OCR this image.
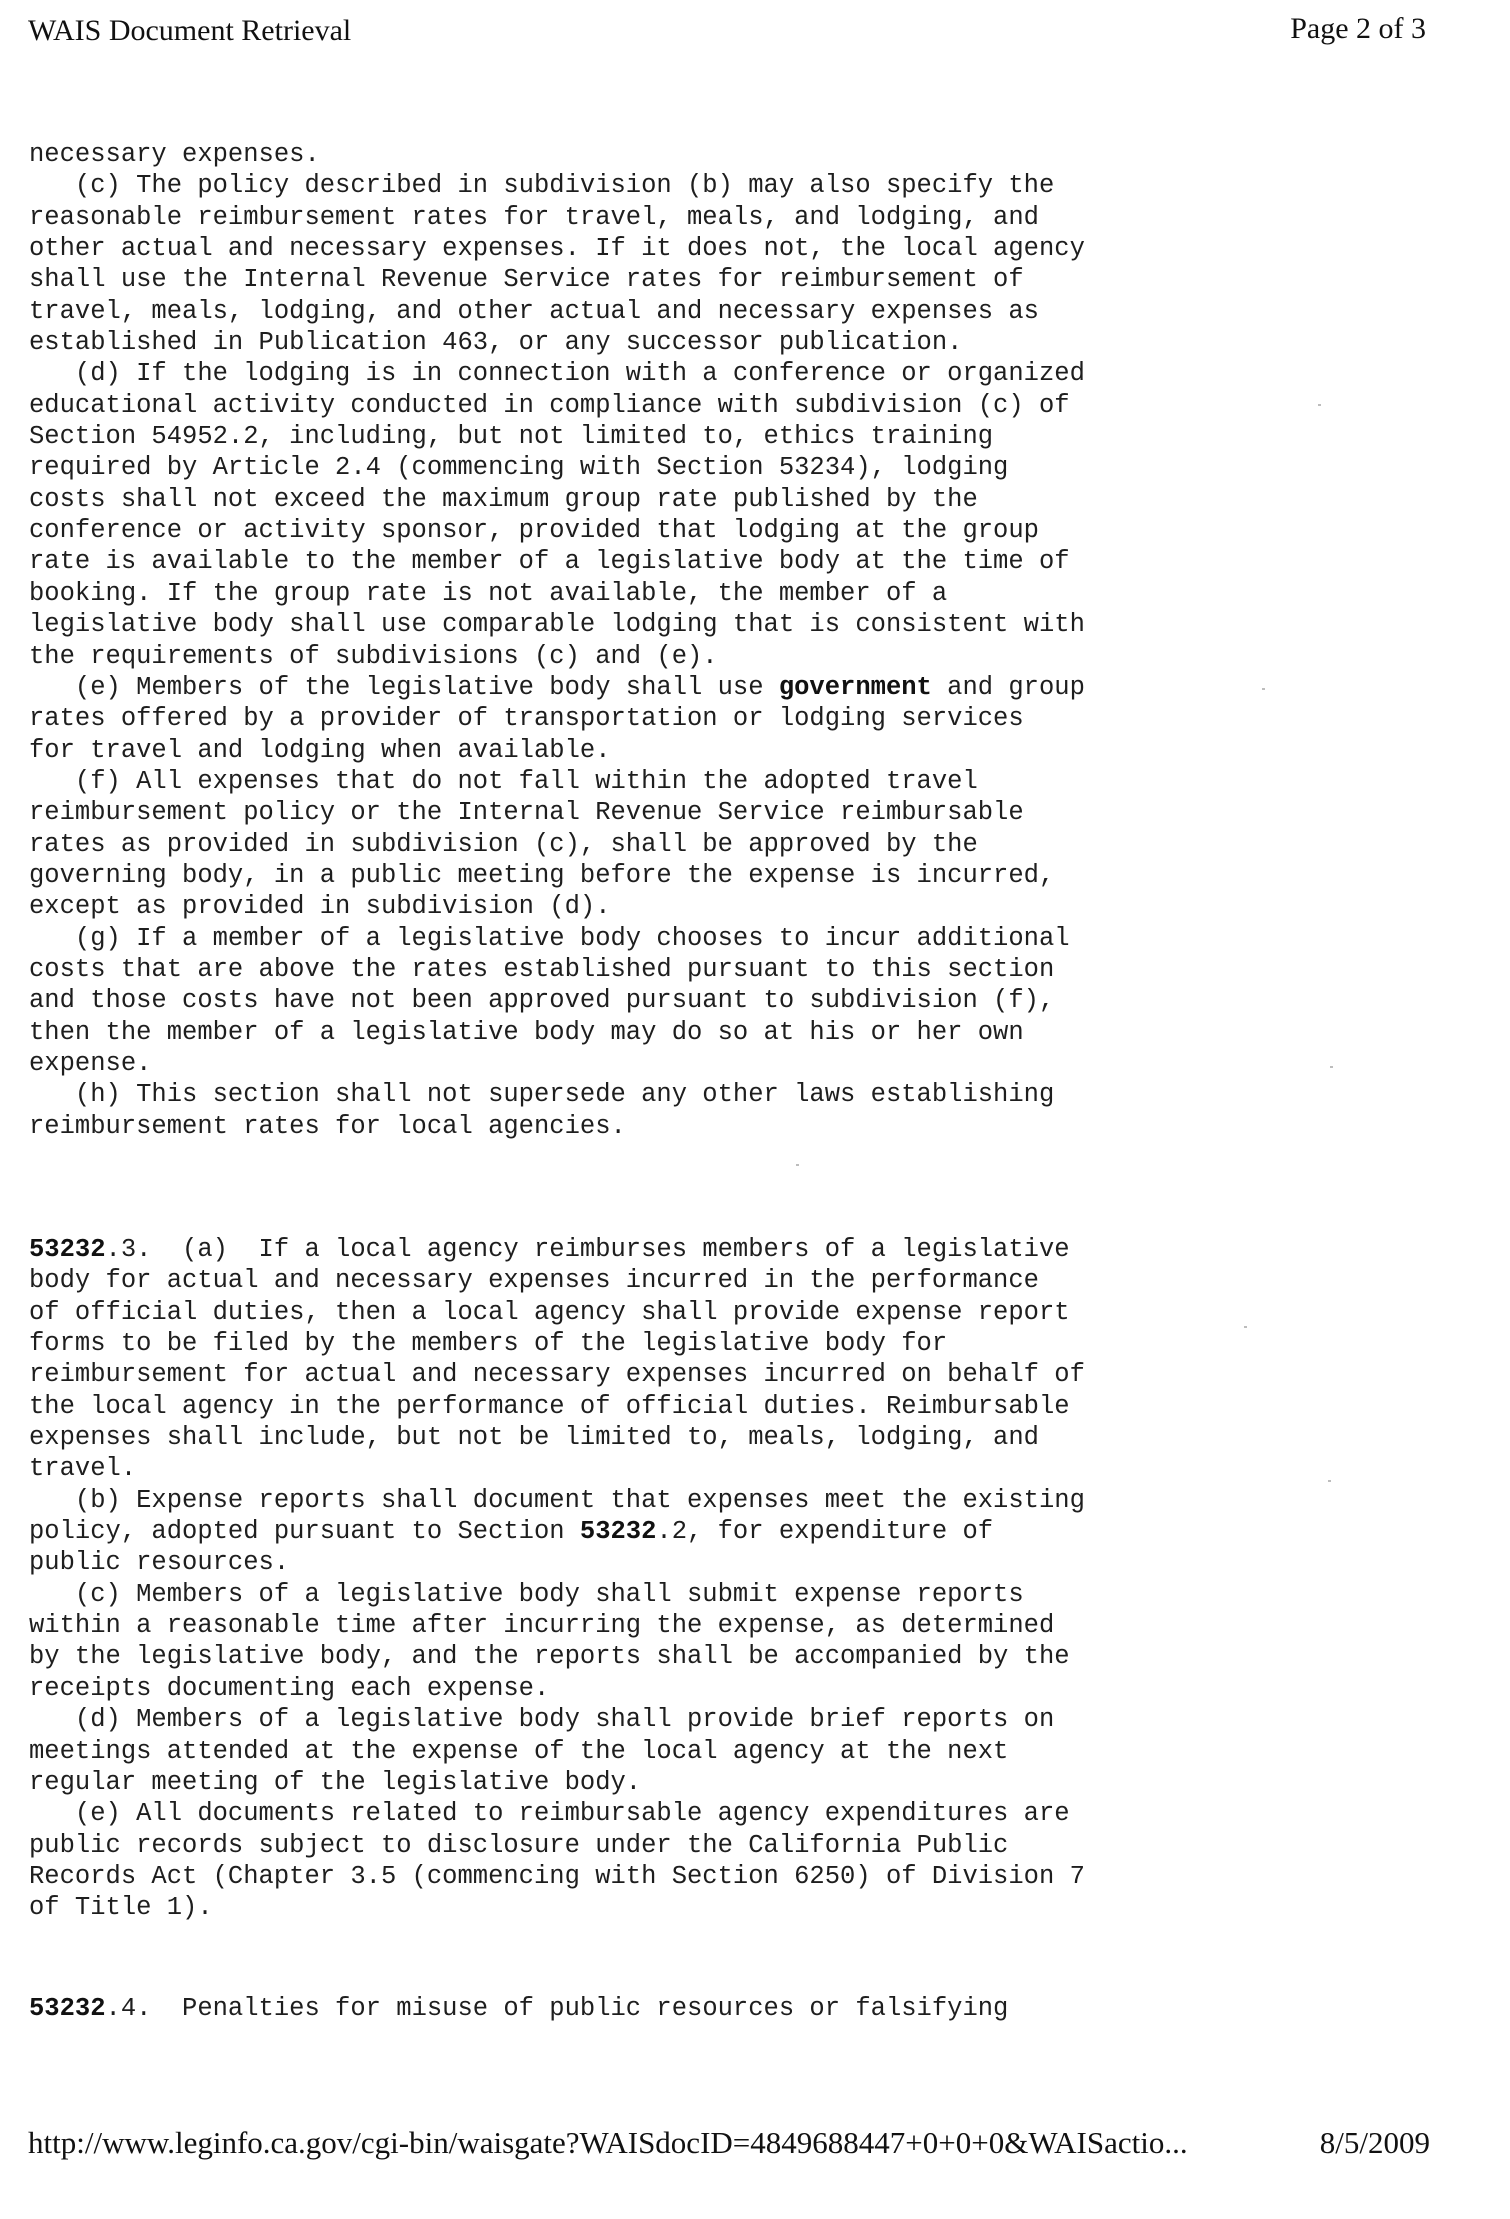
WAIS Document Retrieval	Page 2 of 3
necessary expenses.
(c) The policy described in subdivision (b) may also specify the
reasonable reimbursement rates for travel, meals, and lodging, and
other actual and necessary expenses. If it does not, the local agency
shall use the Internal Revenue Service rates for reimbursement of
travel, meals, lodging, and other actual and necessary expenses as
established in Publication 463, or any successor publication.
(d) If the lodging is in connection with a conference or organized
educational activity conducted in compliance with subdivision (c) of
Section 54952.2, including, but not limited to, ethics training
required by Article 2.4 (commencing with Section 53234), lodging
costs shall not exceed the maximum group rate published by the
conference or activity sponsor, provided that lodging at the group
rate is available to the member of a legislative body at the time of
booking. If the group rate is not available, the member of a
legislative body shall use comparable lodging that is consistent with
the requirements of subdivisions (c) and (e).
(e) Members of the legislative body shall use government and group
rates offered by a provider of transportation or lodging services
for travel and lodging when available.
(f) All expenses that do not fall within the adopted travel
reimbursement policy or the Internal Revenue Service reimbursable
rates as provided in subdivision (c), shall be approved by the
governing body, in a public meeting before the expense is incurred,
except as provided in subdivision (d).
(g) If a member of a legislative body chooses to incur additional
costs that are above the rates established pursuant to this section
and those costs have not been approved pursuant to subdivision (f),
then the member of a legislative body may do so at his or her own
expense.
(h) This section shall not supersede any other laws establishing
reimbursement rates for local agencies.
53232.3.  (a)  If a local agency reimburses members of a legislative
body for actual and necessary expenses incurred in the performance
of official duties, then a local agency shall provide expense report
forms to be filed by the members of the legislative body for
reimbursement for actual and necessary expenses incurred on behalf of
the local agency in the performance of official duties. Reimbursable
expenses shall include, but not be limited to, meals, lodging, and
travel.
(b) Expense reports shall document that expenses meet the existing
policy, adopted pursuant to Section 53232.2, for expenditure of
public resources.
(c) Members of a legislative body shall submit expense reports
within a reasonable time after incurring the expense, as determined
by the legislative body, and the reports shall be accompanied by the
receipts documenting each expense.
(d) Members of a legislative body shall provide brief reports on
meetings attended at the expense of the local agency at the next
regular meeting of the legislative body.
(e) All documents related to reimbursable agency expenditures are
public records subject to disclosure under the California Public
Records Act (Chapter 3.5 (commencing with Section 6250) of Division 7
of Title 1).
53232.4.  Penalties for misuse of public resources or falsifying
http://www.leginfo.ca.gov/cgi-bin/waisgate?WAISdocID=4849688447+0+0+0&WAISactio...	8/5/2009
